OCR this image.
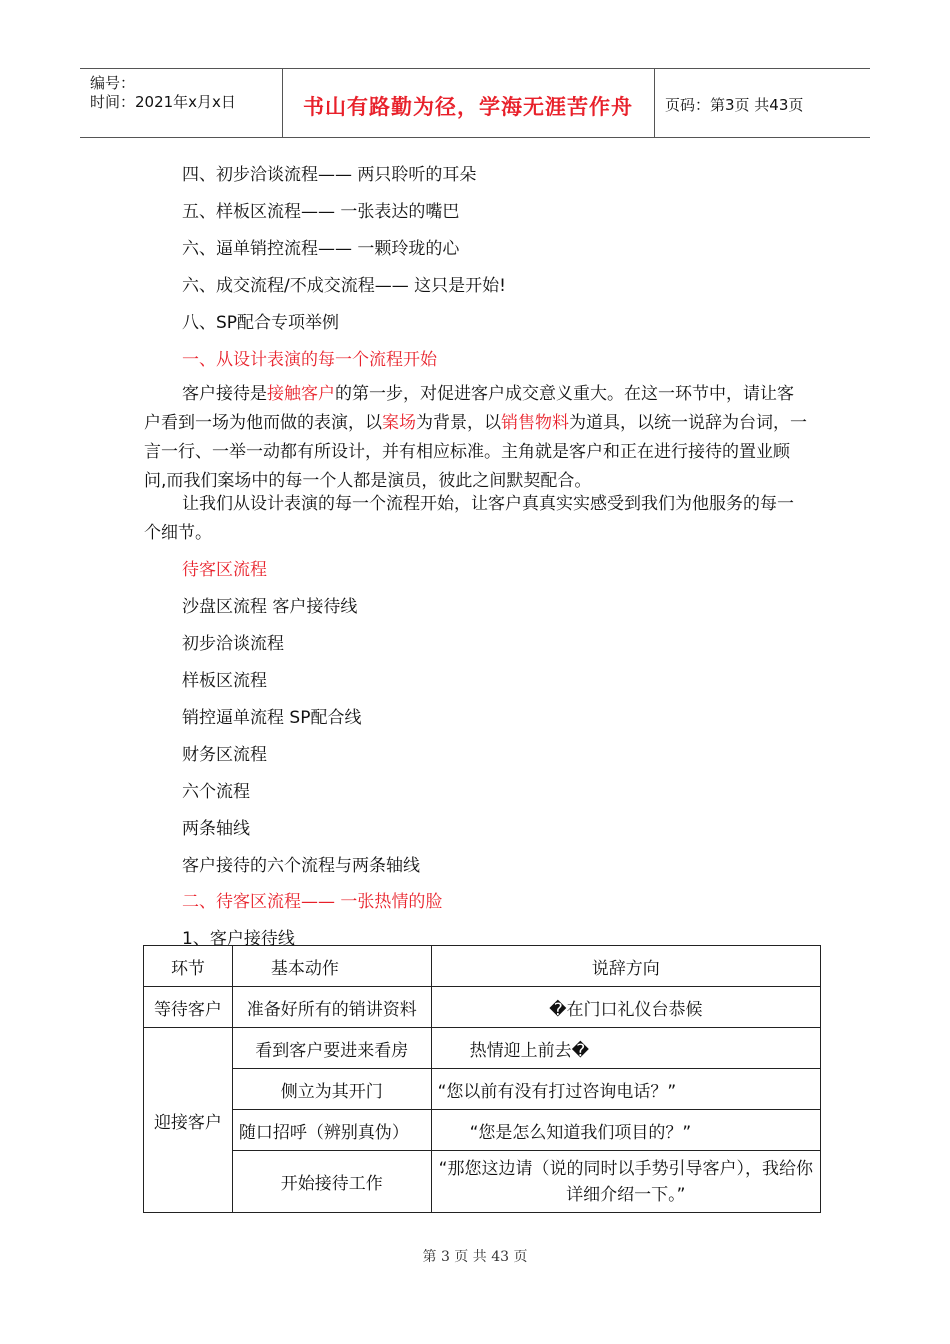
编号：
时间：2021年x月x日	书山有路勤为径，学海无涯苦作舟	页码：第3页 共43页
四、初步洽谈流程—— 两只聆听的耳朵
五、样板区流程—— 一张表达的嘴巴
六、逼单销控流程—— 一颗玲珑的心
六、成交流程/不成交流程—— 这只是开始!
八、SP配合专项举例
一、从设计表演的每一个流程开始
客户接待是接触客户的第一步，对促进客户成交意义重大。在这一环节中，请让客户看到一场为他而做的表演，以案场为背景，以销售物料为道具，以统一说辞为台词，一言一行、一举一动都有所设计，并有相应标准。主角就是客户和正在进行接待的置业顾问,而我们案场中的每一个人都是演员，彼此之间默契配合。
让我们从设计表演的每一个流程开始，让客户真真实实感受到我们为他服务的每一个细节。
待客区流程
沙盘区流程 客户接待线
初步洽谈流程
样板区流程
销控逼单流程 SP配合线
财务区流程
六个流程
两条轴线
客户接待的六个流程与两条轴线
二、待客区流程—— 一张热情的脸
1、客户接待线
环节	基本动作	说辞方向
等待客户	准备好所有的销讲资料	�在门口礼仪台恭候
迎接客户	看到客户要进来看房	热情迎上前去�
	侧立为其开门	“您以前有没有打过咨询电话？”
	随口招呼（辨别真伪）	“您是怎么知道我们项目的？”
	开始接待工作	“那您这边请（说的同时以手势引导客户），我给你详细介绍一下。”
第 3 页 共 43 页
